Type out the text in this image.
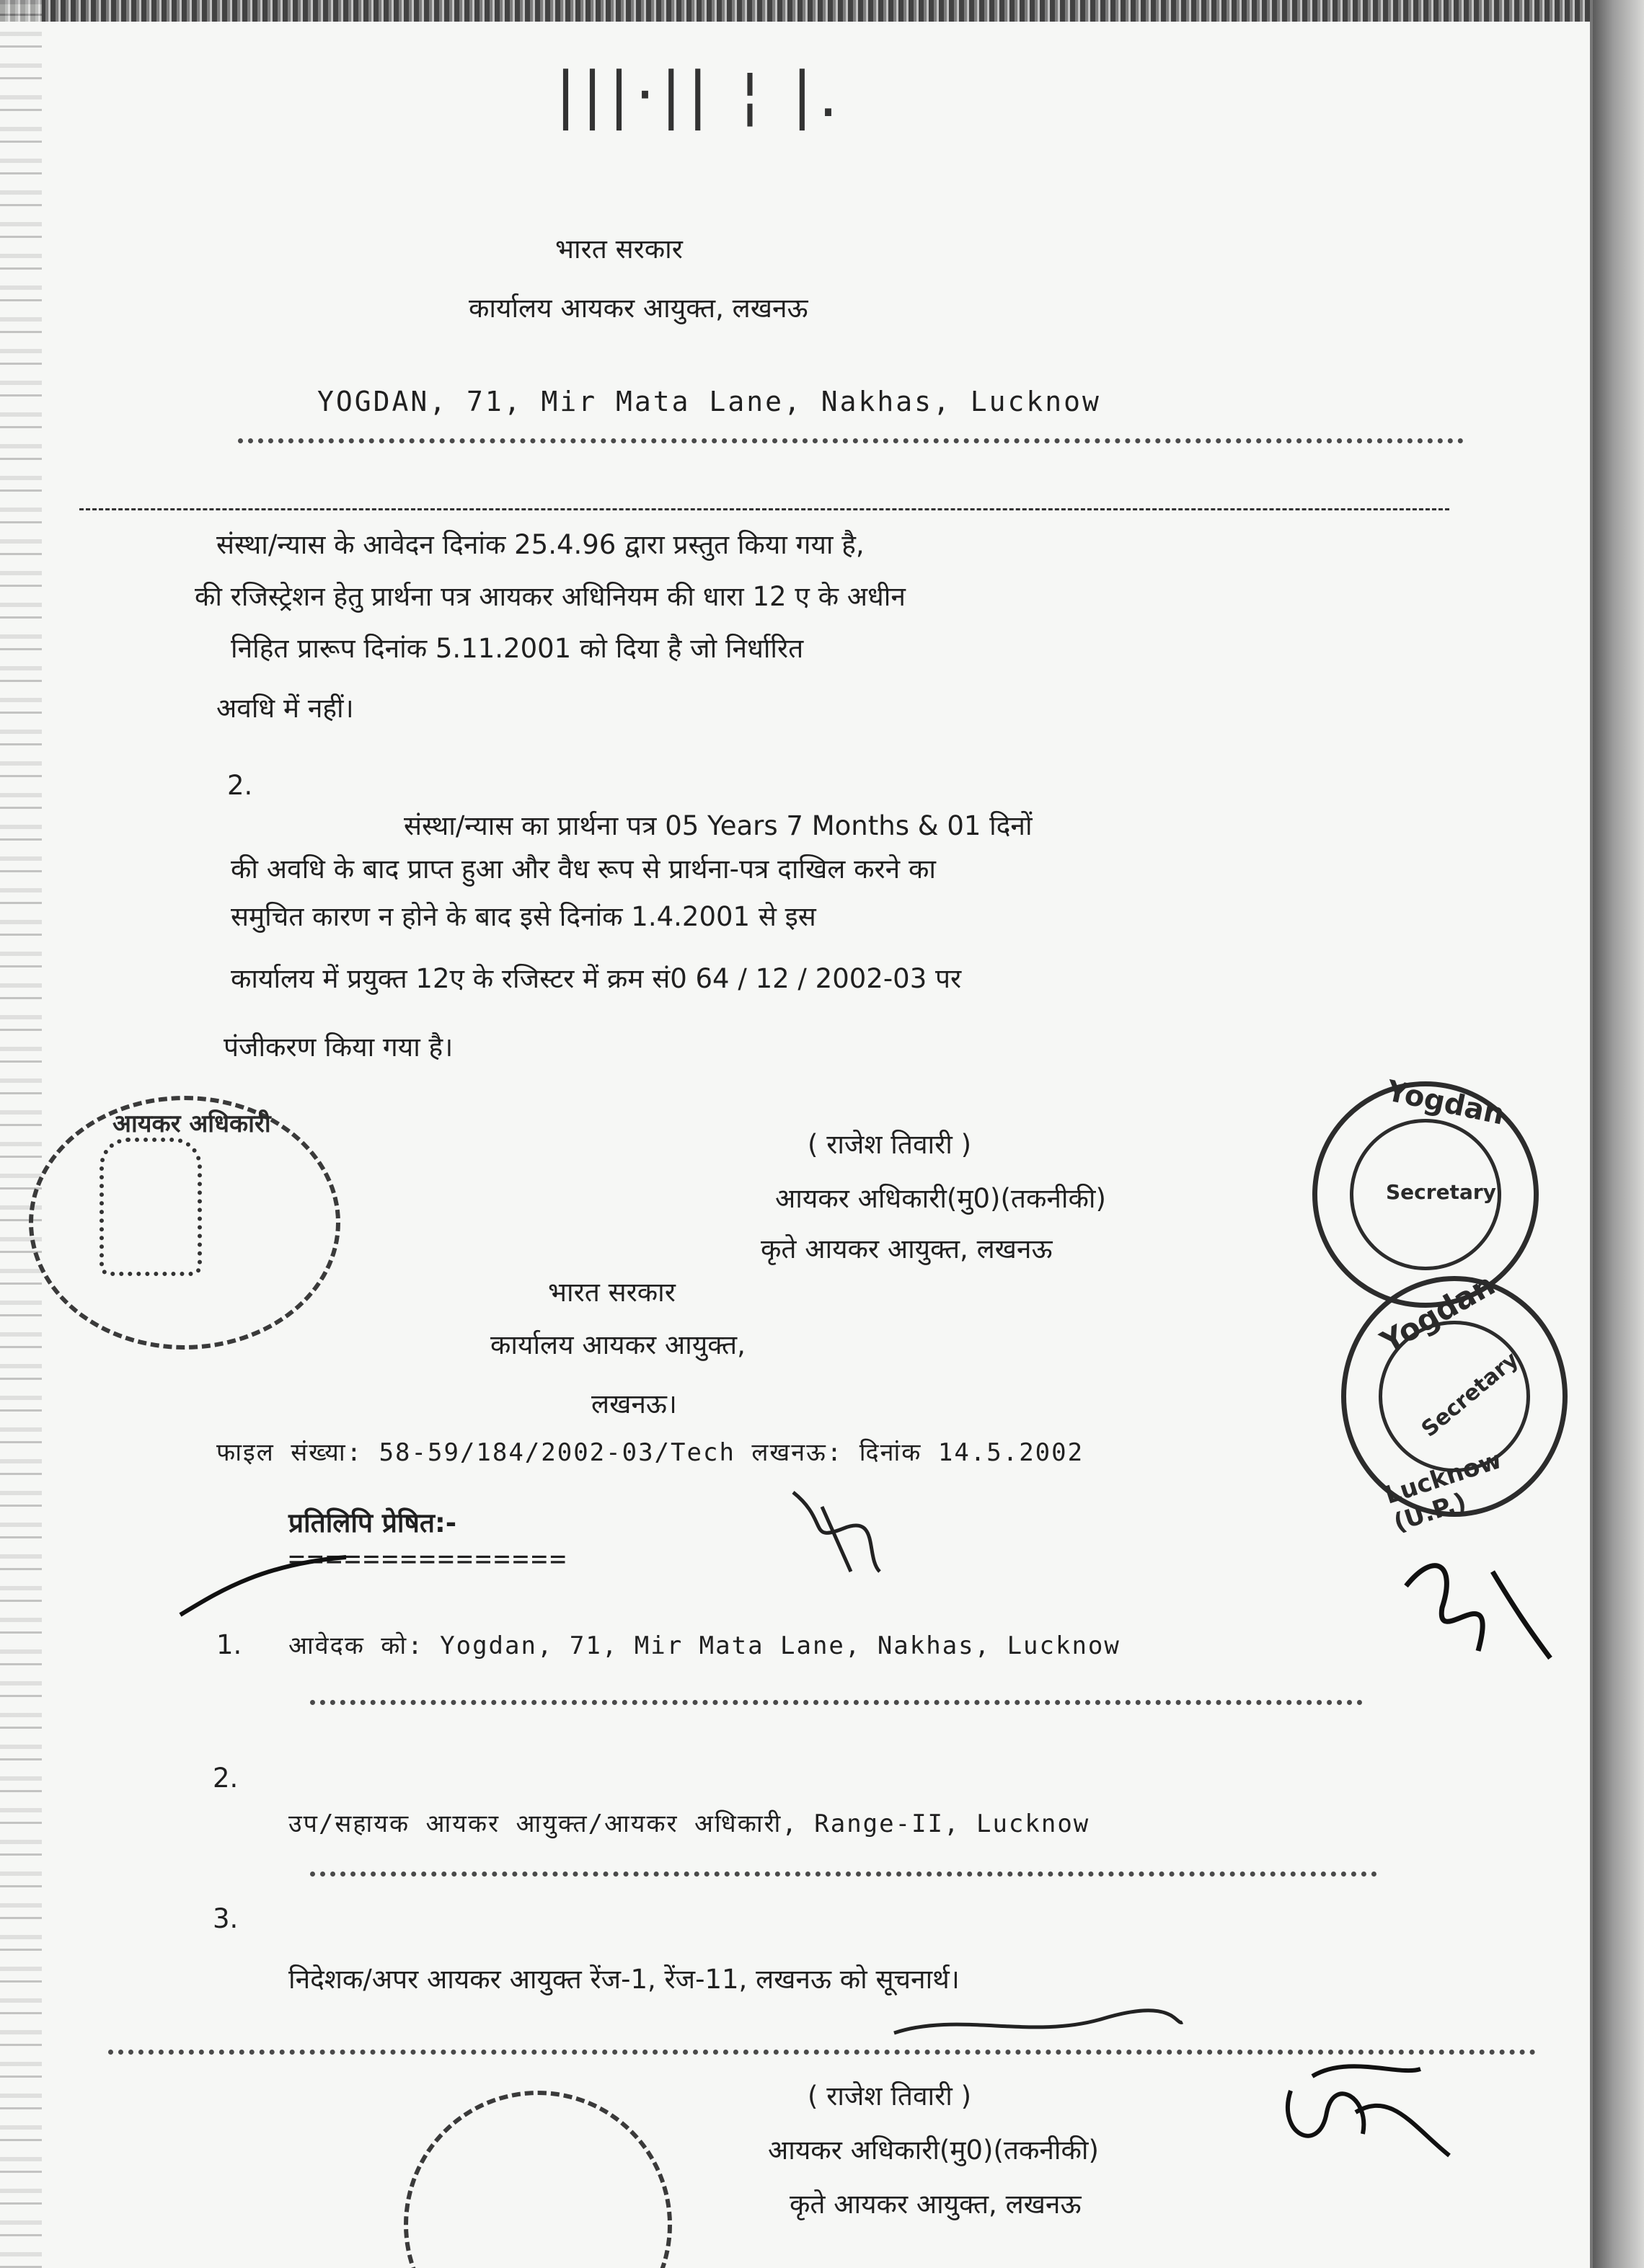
|||·|| ¦ |.
भारत सरकार
कार्यालय आयकर आयुक्त, लखनऊ
YOGDAN, 71, Mir Mata Lane, Nakhas, Lucknow
संस्था/न्यास के आवेदन दिनांक 25.4.96 द्वारा प्रस्तुत किया गया है,
की रजिस्ट्रेशन हेतु प्रार्थना पत्र आयकर अधिनियम की धारा 12 ए के अधीन
निहित प्रारूप दिनांक 5.11.2001 को दिया है जो निर्धारित
अवधि में नहीं।
2.
संस्था/न्यास का प्रार्थना पत्र 05 Years 7 Months & 01 दिनों
की अवधि के बाद प्राप्त हुआ और वैध रूप से प्रार्थना-पत्र दाखिल करने का
समुचित कारण न होने के बाद इसे दिनांक 1.4.2001 से इस
कार्यालय में प्रयुक्त 12ए के रजिस्टर में क्रम सं0 64 / 12 / 2002-03 पर
पंजीकरण किया गया है।
( राजेश तिवारी )
आयकर अधिकारी(मु0)(तकनीकी)
कृते आयकर आयुक्त, लखनऊ
आयकर अधिकारी	Yogdan
Secretary
भारत सरकार
कार्यालय आयकर आयुक्त,
लखनऊ।
फाइल संख्या: 58-59/184/2002-03/Tech लखनऊ: दिनांक 14.5.2002
प्रतिलिपि प्रेषित:-
===============
Yogdan
Lucknow (U.P.)
Secretary
1. आवेदक को: Yogdan, 71, Mir Mata Lane, Nakhas, Lucknow
2.
उप/सहायक आयकर आयुक्त/आयकर अधिकारी, Range-II, Lucknow
3.
निदेशक/अपर आयकर आयुक्त रेंज-1, रेंज-11, लखनऊ को सूचनार्थ।
( राजेश तिवारी )
आयकर अधिकारी(मु0)(तकनीकी)
कृते आयकर आयुक्त, लखनऊ
